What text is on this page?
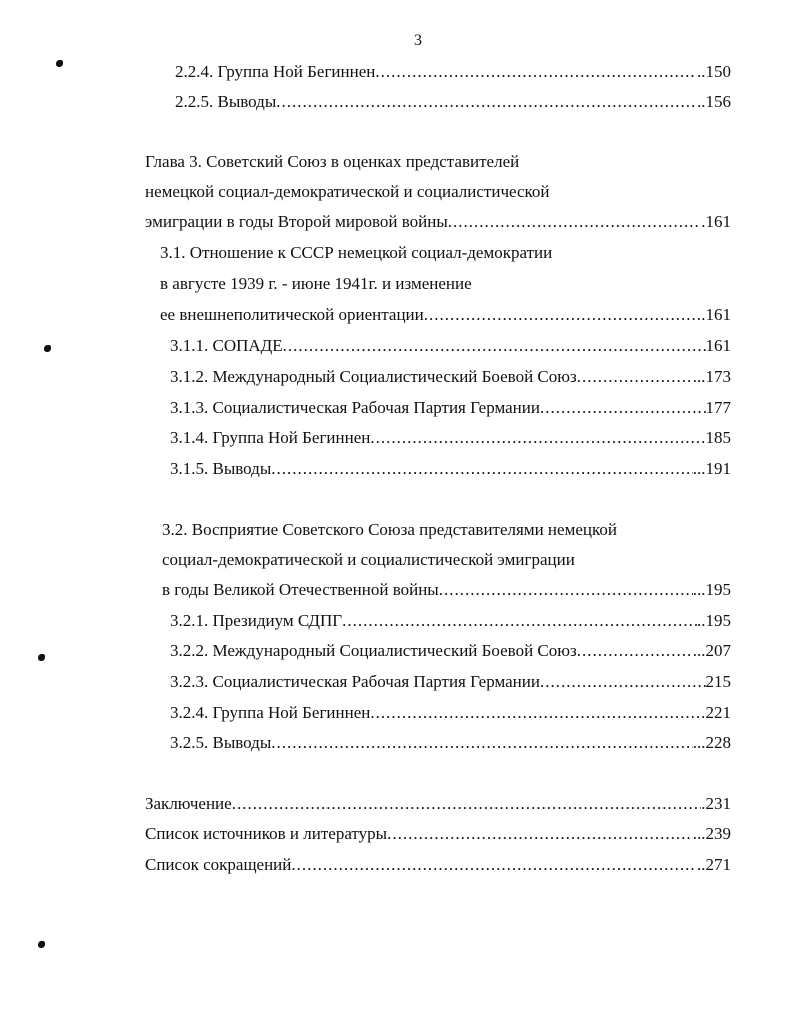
3
2.2.4. Группа Ной Бегиннен .....	..150
2.2.5. Выводы .....	..156
Глава 3. Советский Союз в оценках представителей
немецкой социал-демократической и социалистической
эмиграции в годы Второй мировой войны .....	.161
3.1. Отношение к СССР немецкой социал-демократии
в августе 1939 г. - июне 1941г. и изменение
ее внешнеполитической ориентации .....	.161
3.1.1. СОПАДЕ .....	161
3.1.2. Международный Социалистический Боевой Союз .....	...173
3.1.3. Социалистическая Рабочая Партия Германии .....	177
3.1.4. Группа Ной Бегиннен .....	185
3.1.5. Выводы .....	...191
3.2. Восприятие Советского Союза представителями немецкой
социал-демократической и социалистической эмиграции
в годы Великой Отечественной войны .....	...195
3.2.1. Президиум СДПГ .....	..195
3.2.2. Международный Социалистический Боевой Союз .....	...207
3.2.3. Социалистическая Рабочая Партия Германии .....	215
3.2.4. Группа Ной Бегиннен .....	221
3.2.5. Выводы .....	...228
Заключение .....	.231
Список источников и литературы .....	...239
Список сокращений .....	..271
